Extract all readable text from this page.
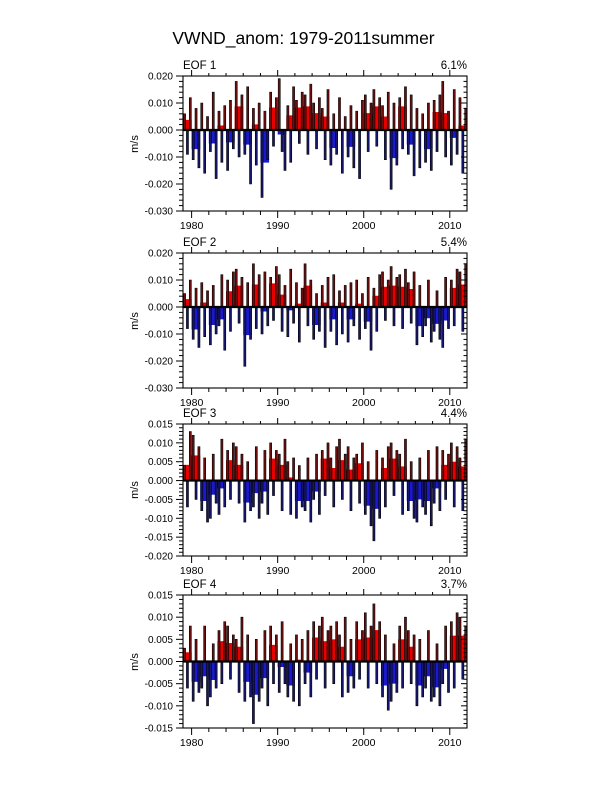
VWND_anom: 1979-2011summer
EOF 1	6.1%
EOF 2	5.4%
EOF 3	4.4%
EOF 4	3.7%
m/s
m/s
m/s
m/s
0.020
0.010
0.000
-0.010
-0.020
-0.030
1980	1990	2000	2010
0.020
0.010
0.000
-0.010
-0.020
-0.030
1980	1990	2000	2010
0.015
0.010
0.005
0.000
-0.005
-0.010
-0.015
-0.020
1980	1990	2000	2010
0.015
0.010
0.005
0.000
-0.005
-0.010
-0.015
1980	1990	2000	2010
